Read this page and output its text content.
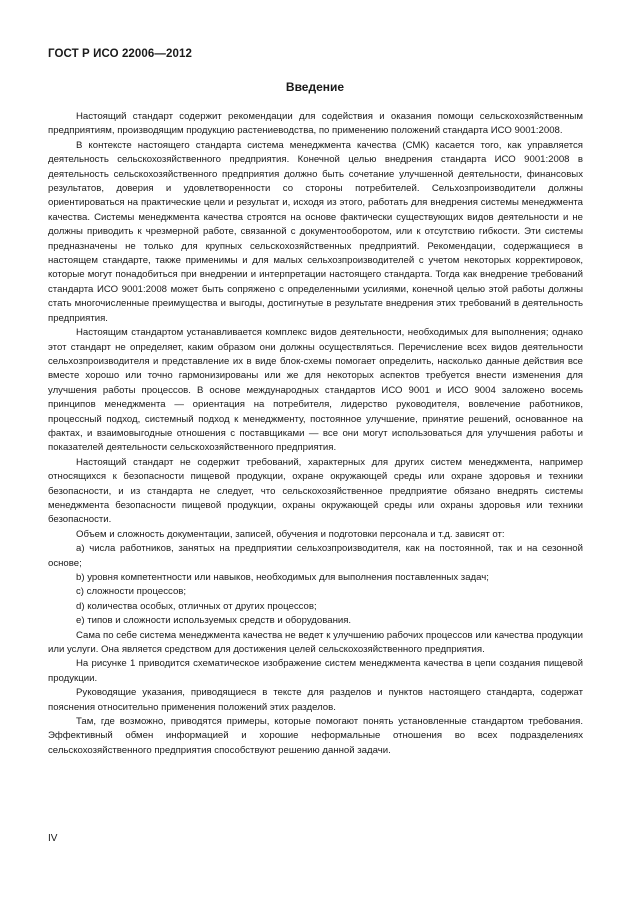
ГОСТ Р ИСО 22006—2012
Введение

Настоящий стандарт содержит рекомендации для содействия и оказания помощи сельскохозяйственным предприятиям, производящим продукцию растениеводства, по применению положений стандарта ИСО 9001:2008.

В контексте настоящего стандарта система менеджмента качества (СМК) касается того, как управляется деятельность сельскохозяйственного предприятия. Конечной целью внедрения стандарта ИСО 9001:2008 в деятельность сельскохозяйственного предприятия должно быть сочетание улучшенной деятельности, финансовых результатов, доверия и удовлетворенности со стороны потребителей. Сельхозпроизводители должны ориентироваться на практические цели и результат и, исходя из этого, работать для внедрения системы менеджмента качества. Системы менеджмента качества строятся на основе фактически существующих видов деятельности и не должны приводить к чрезмерной работе, связанной с документооборотом, или к отсутствию гибкости. Эти системы предназначены не только для крупных сельскохозяйственных предприятий. Рекомендации, содержащиеся в настоящем стандарте, также применимы и для малых сельхозпроизводителей с учетом некоторых корректировок, которые могут понадобиться при внедрении и интерпретации настоящего стандарта. Тогда как внедрение требований стандарта ИСО 9001:2008 может быть сопряжено с определенными усилиями, конечной целью этой работы должны стать многочисленные преимущества и выгоды, достигнутые в результате внедрения этих требований в деятельность предприятия.

Настоящим стандартом устанавливается комплекс видов деятельности, необходимых для выполнения; однако этот стандарт не определяет, каким образом они должны осуществляться. Перечисление всех видов деятельности сельхозпроизводителя и представление их в виде блок-схемы помогает определить, насколько данные действия все вместе хорошо или точно гармонизированы или же для некоторых аспектов требуется внести изменения для улучшения работы процессов. В основе международных стандартов ИСО 9001 и ИСО 9004 заложено восемь принципов менеджмента — ориентация на потребителя, лидерство руководителя, вовлечение работников, процессный подход, системный подход к менеджменту, постоянное улучшение, принятие решений, основанное на фактах, и взаимовыгодные отношения с поставщиками — все они могут использоваться для улучшения работы и показателей деятельности сельскохозяйственного предприятия.

Настоящий стандарт не содержит требований, характерных для других систем менеджмента, например относящихся к безопасности пищевой продукции, охране окружающей среды или охране здоровья и техники безопасности, и из стандарта не следует, что сельскохозяйственное предприятие обязано внедрять системы менеджмента безопасности пищевой продукции, охраны окружающей среды или охраны здоровья или техники безопасности.

Объем и сложность документации, записей, обучения и подготовки персонала и т.д. зависят от:

a) числа работников, занятых на предприятии сельхозпроизводителя, как на постоянной, так и на сезонной основе;

b) уровня компетентности или навыков, необходимых для выполнения поставленных задач;

c) сложности процессов;

d) количества особых, отличных от других процессов;

e) типов и сложности используемых средств и оборудования.

Сама по себе система менеджмента качества не ведет к улучшению рабочих процессов или качества продукции или услуги. Она является средством для достижения целей сельскохозяйственного предприятия.

На рисунке 1 приводится схематическое изображение систем менеджмента качества в цепи создания пищевой продукции.

Руководящие указания, приводящиеся в тексте для разделов и пунктов настоящего стандарта, содержат пояснения относительно применения положений этих разделов.

Там, где возможно, приводятся примеры, которые помогают понять установленные стандартом требования. Эффективный обмен информацией и хорошие неформальные отношения во всех подразделениях сельскохозяйственного предприятия способствуют решению данной задачи.

IV
